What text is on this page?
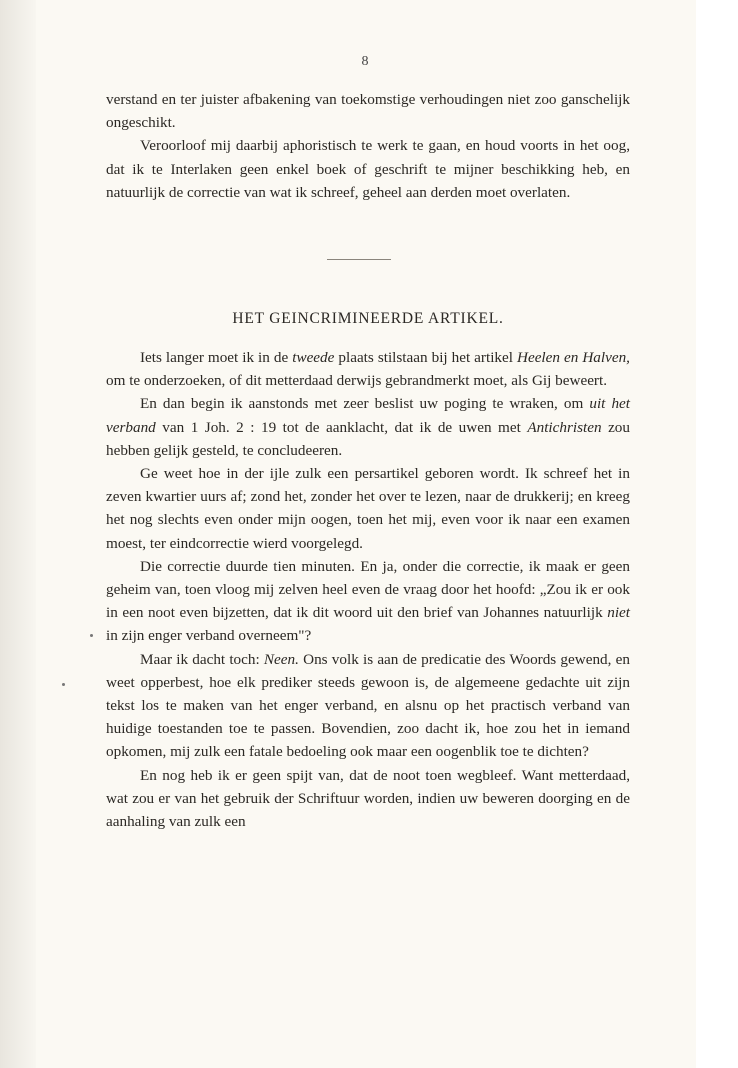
8

verstand en ter juister afbakening van toekomstige verhoudingen niet zoo ganschelijk ongeschikt.

Veroorloof mij daarbij aphoristisch te werk te gaan, en houd voorts in het oog, dat ik te Interlaken geen enkel boek of geschrift te mijner beschikking heb, en natuurlijk de correctie van wat ik schreef, geheel aan derden moet overlaten.

HET GEINCRIMINEERDE ARTIKEL.

Iets langer moet ik in de tweede plaats stilstaan bij het artikel Heelen en Halven, om te onderzoeken, of dit metterdaad derwijs gebrandmerkt moet, als Gij beweert.

En dan begin ik aanstonds met zeer beslist uw poging te wraken, om uit het verband van 1 Joh. 2 : 19 tot de aanklacht, dat ik de uwen met Antichristen zou hebben gelijk gesteld, te concludeeren.

Ge weet hoe in der ijle zulk een persartikel geboren wordt. Ik schreef het in zeven kwartier uurs af; zond het, zonder het over te lezen, naar de drukkerij; en kreeg het nog slechts even onder mijn oogen, toen het mij, even voor ik naar een examen moest, ter eindcorrectie wierd voorgelegd.

Die correctie duurde tien minuten. En ja, onder die correctie, ik maak er geen geheim van, toen vloog mij zelven heel even de vraag door het hoofd: „Zou ik er ook in een noot even bijzetten, dat ik dit woord uit den brief van Johannes natuurlijk niet in zijn enger verband overneem"?

Maar ik dacht toch: Neen. Ons volk is aan de predicatie des Woords gewend, en weet opperbest, hoe elk prediker steeds gewoon is, de algemeene gedachte uit zijn tekst los te maken van het enger verband, en alsnu op het practisch verband van huidige toestanden toe te passen. Bovendien, zoo dacht ik, hoe zou het in iemand opkomen, mij zulk een fatale bedoeling ook maar een oogenblik toe te dichten?

En nog heb ik er geen spijt van, dat de noot toen wegbleef. Want metterdaad, wat zou er van het gebruik der Schriftuur worden, indien uw beweren doorging en de aanhaling van zulk een
